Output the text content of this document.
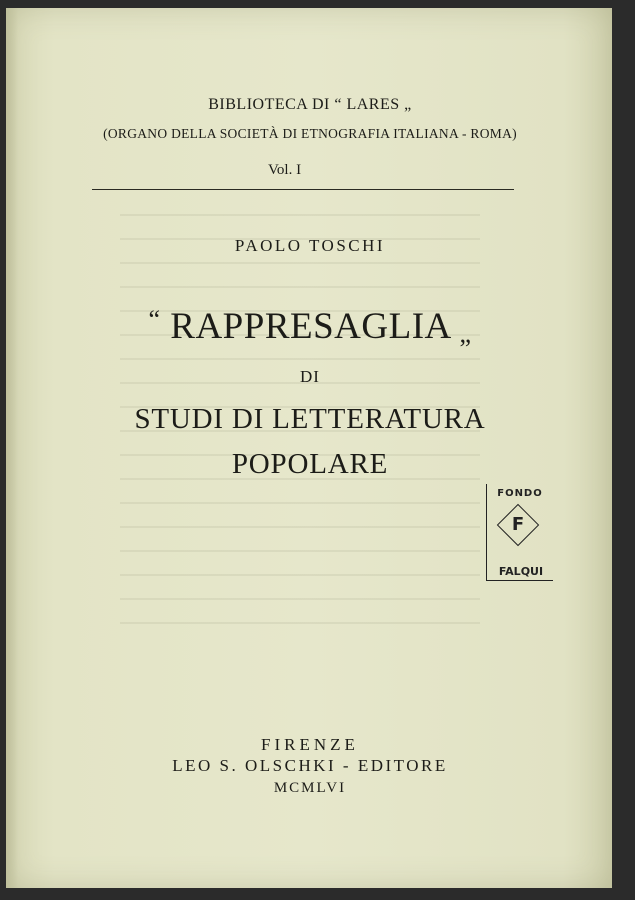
BIBLIOTECA DI “ LARES „
(ORGANO DELLA SOCIETÀ DI ETNOGRAFIA ITALIANA - ROMA)
Vol. I
PAOLO TOSCHI
“ RAPPRESAGLIA „
DI
STUDI DI LETTERATURA
POPOLARE
FONDO
F
FALQUI
FIRENZE
LEO S. OLSCHKI - EDITORE
MCMLVI
